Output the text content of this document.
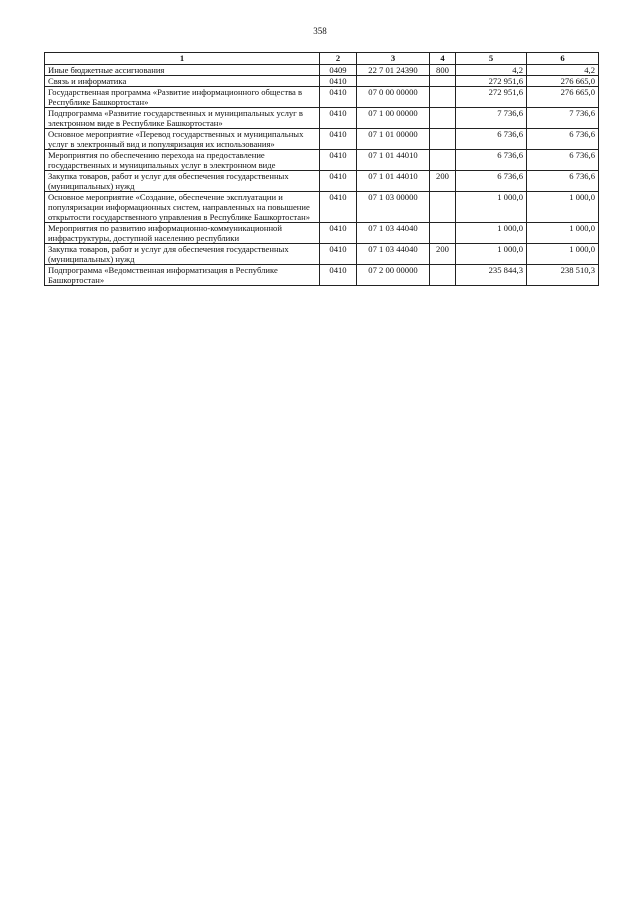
358
1	2	3	4	5	6
Иные бюджетные ассигнования	0409	22 7 01 24390	800	4,2	4,2
Связь и информатика	0410			272 951,6	276 665,0
Государственная программа «Развитие информационного общества в Республике Башкортостан»	0410	07 0 00 00000		272 951,6	276 665,0
Подпрограмма «Развитие государственных и муниципальных услуг в электронном виде в Республике Башкортостан»	0410	07 1 00 00000		7 736,6	7 736,6
Основное мероприятие «Перевод государственных и муниципальных услуг в электронный вид и популяризация их использования»	0410	07 1 01 00000		6 736,6	6 736,6
Мероприятия по обеспечению перехода на предоставление государственных и муниципальных услуг в электронном виде	0410	07 1 01 44010		6 736,6	6 736,6
Закупка товаров, работ и услуг для обеспечения государственных (муниципальных) нужд	0410	07 1 01 44010	200	6 736,6	6 736,6
Основное мероприятие «Создание, обеспечение эксплуатации и популяризации информационных систем, направленных на повышение открытости государственного управления в Республике Башкортостан»	0410	07 1 03 00000		1 000,0	1 000,0
Мероприятия по развитию информационно-коммуникационной инфраструктуры, доступной населению республики	0410	07 1 03 44040		1 000,0	1 000,0
Закупка товаров, работ и услуг для обеспечения государственных (муниципальных) нужд	0410	07 1 03 44040	200	1 000,0	1 000,0
Подпрограмма «Ведомственная информатизация в Республике Башкортостан»	0410	07 2 00 00000		235 844,3	238 510,3
